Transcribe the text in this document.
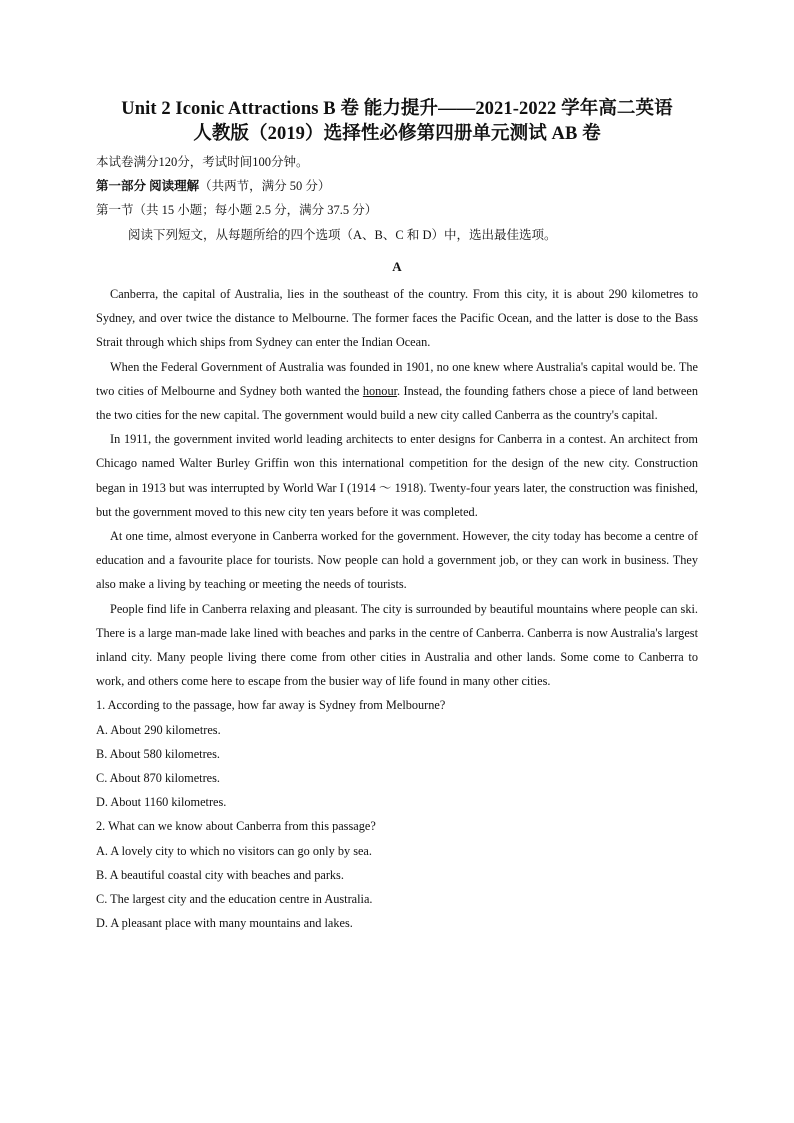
Unit 2 Iconic Attractions B 卷 能力提升——2021-2022 学年高二英语
人教版（2019）选择性必修第四册单元测试 AB 卷
本试卷满分120分，考试时间100分钟。
第一部分 阅读理解（共两节，满分 50 分）
第一节（共 15 小题；每小题 2.5 分，满分 37.5 分）
阅读下列短文，从每题所给的四个选项（A、B、C 和 D）中，选出最佳选项。
A

Canberra, the capital of Australia, lies in the southeast of the country. From this city, it is about 290 kilometres to Sydney, and over twice the distance to Melbourne. The former faces the Pacific Ocean, and the latter is dose to the Bass Strait through which ships from Sydney can enter the Indian Ocean.

When the Federal Government of Australia was founded in 1901, no one knew where Australia's capital would be. The two cities of Melbourne and Sydney both wanted the honour. Instead, the founding fathers chose a piece of land between the two cities for the new capital. The government would build a new city called Canberra as the country's capital.

In 1911, the government invited world leading architects to enter designs for Canberra in a contest. An architect from Chicago named Walter Burley Griffin won this international competition for the design of the new city. Construction began in 1913 but was interrupted by World War I (1914 ～ 1918). Twenty-four years later, the construction was finished, but the government moved to this new city ten years before it was completed.

At one time, almost everyone in Canberra worked for the government. However, the city today has become a centre of education and a favourite place for tourists. Now people can hold a government job, or they can work in business. They also make a living by teaching or meeting the needs of tourists.

People find life in Canberra relaxing and pleasant. The city is surrounded by beautiful mountains where people can ski. There is a large man-made lake lined with beaches and parks in the centre of Canberra. Canberra is now Australia's largest inland city. Many people living there come from other cities in Australia and other lands. Some come to Canberra to work, and others come here to escape from the busier way of life found in many other cities.

1. According to the passage, how far away is Sydney from Melbourne?

A. About 290 kilometres.

B. About 580 kilometres.

C. About 870 kilometres.

D. About 1160 kilometres.

2. What can we know about Canberra from this passage?

A. A lovely city to which no visitors can go only by sea.

B. A beautiful coastal city with beaches and parks.

C. The largest city and the education centre in Australia.

D. A pleasant place with many mountains and lakes.
